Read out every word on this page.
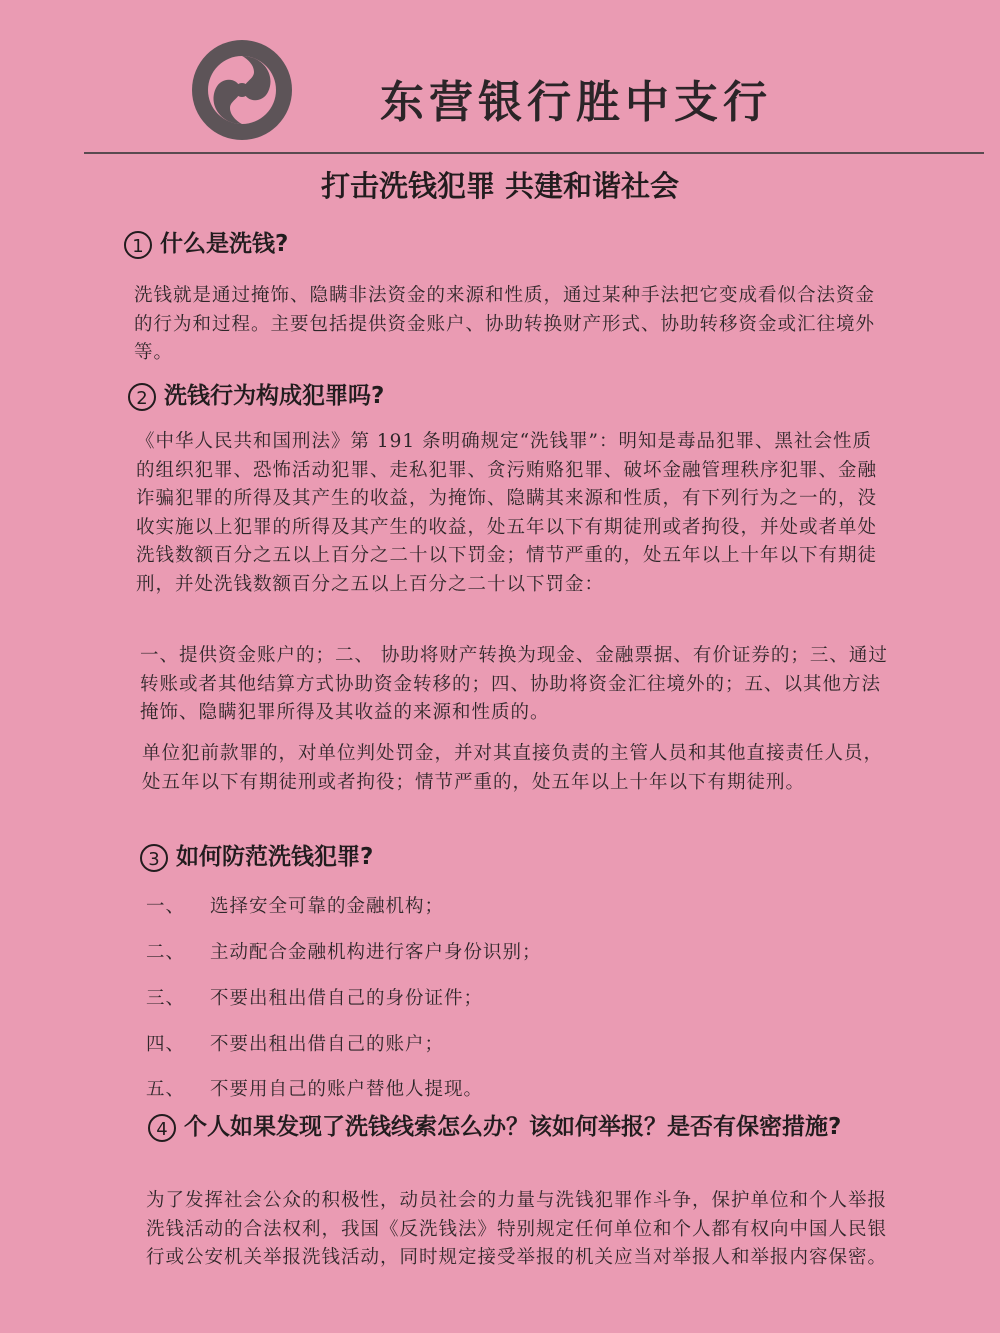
东营银行胜中支行
打击洗钱犯罪 共建和谐社会
1 什么是洗钱?
洗钱就是通过掩饰、隐瞒非法资金的来源和性质，通过某种手法把它变成看似合法资金的行为和过程。主要包括提供资金账户、协助转换财产形式、协助转移资金或汇往境外等。
2 洗钱行为构成犯罪吗?
《中华人民共和国刑法》第 191 条明确规定“洗钱罪”：明知是毒品犯罪、黑社会性质的组织犯罪、恐怖活动犯罪、走私犯罪、贪污贿赂犯罪、破坏金融管理秩序犯罪、金融诈骗犯罪的所得及其产生的收益，为掩饰、隐瞒其来源和性质，有下列行为之一的，没收实施以上犯罪的所得及其产生的收益，处五年以下有期徒刑或者拘役，并处或者单处洗钱数额百分之五以上百分之二十以下罚金；情节严重的，处五年以上十年以下有期徒刑，并处洗钱数额百分之五以上百分之二十以下罚金：
一、提供资金账户的；二、 协助将财产转换为现金、金融票据、有价证券的；三、通过转账或者其他结算方式协助资金转移的；四、协助将资金汇往境外的；五、以其他方法掩饰、隐瞒犯罪所得及其收益的来源和性质的。
单位犯前款罪的，对单位判处罚金，并对其直接负责的主管人员和其他直接责任人员，处五年以下有期徒刑或者拘役；情节严重的，处五年以上十年以下有期徒刑。
3 如何防范洗钱犯罪?
一、 选择安全可靠的金融机构；
二、 主动配合金融机构进行客户身份识别；
三、 不要出租出借自己的身份证件；
四、 不要出租出借自己的账户；
五、 不要用自己的账户替他人提现。
4 个人如果发现了洗钱线索怎么办？该如何举报？是否有保密措施?
为了发挥社会公众的积极性，动员社会的力量与洗钱犯罪作斗争，保护单位和个人举报洗钱活动的合法权利，我国《反洗钱法》特别规定任何单位和个人都有权向中国人民银行或公安机关举报洗钱活动，同时规定接受举报的机关应当对举报人和举报内容保密。
